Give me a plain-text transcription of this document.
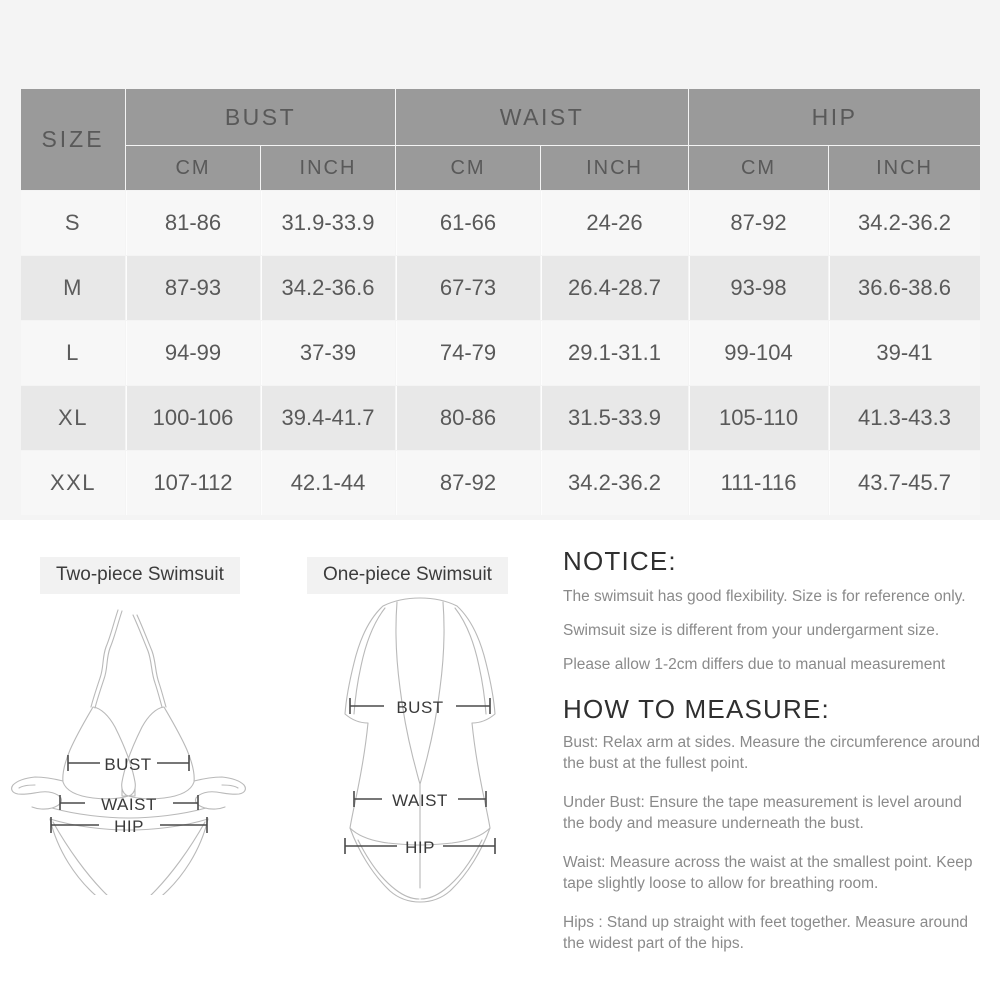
SIZE	BUST		WAIST		HIP	
	CM	INCH	CM	INCH	CM	INCH
S	81-86	31.9-33.9	61-66	24-26	87-92	34.2-36.2
M	87-93	34.2-36.6	67-73	26.4-28.7	93-98	36.6-38.6
L	94-99	37-39	74-79	29.1-31.1	99-104	39-41
XL	100-106	39.4-41.7	80-86	31.5-33.9	105-110	41.3-43.3
XXL	107-112	42.1-44	87-92	34.2-36.2	111-116	43.7-45.7
Two-piece Swimsuit	One-piece Swimsuit
BUST
WAIST
HIP
BUST
WAIST
HIP
NOTICE:

The swimsuit has good flexibility. Size is for reference only.

Swimsuit size is different from your undergarment size.

Please allow 1-2cm differs due to manual measurement

HOW TO MEASURE:

Bust: Relax arm at sides. Measure the circumference around the bust at the fullest point.

Under Bust: Ensure the tape measurement is level around the body and measure underneath the bust.

Waist: Measure across the waist at the smallest point. Keep tape slightly loose to allow for breathing room.

Hips : Stand up straight with feet together. Measure around the widest part of the hips.
